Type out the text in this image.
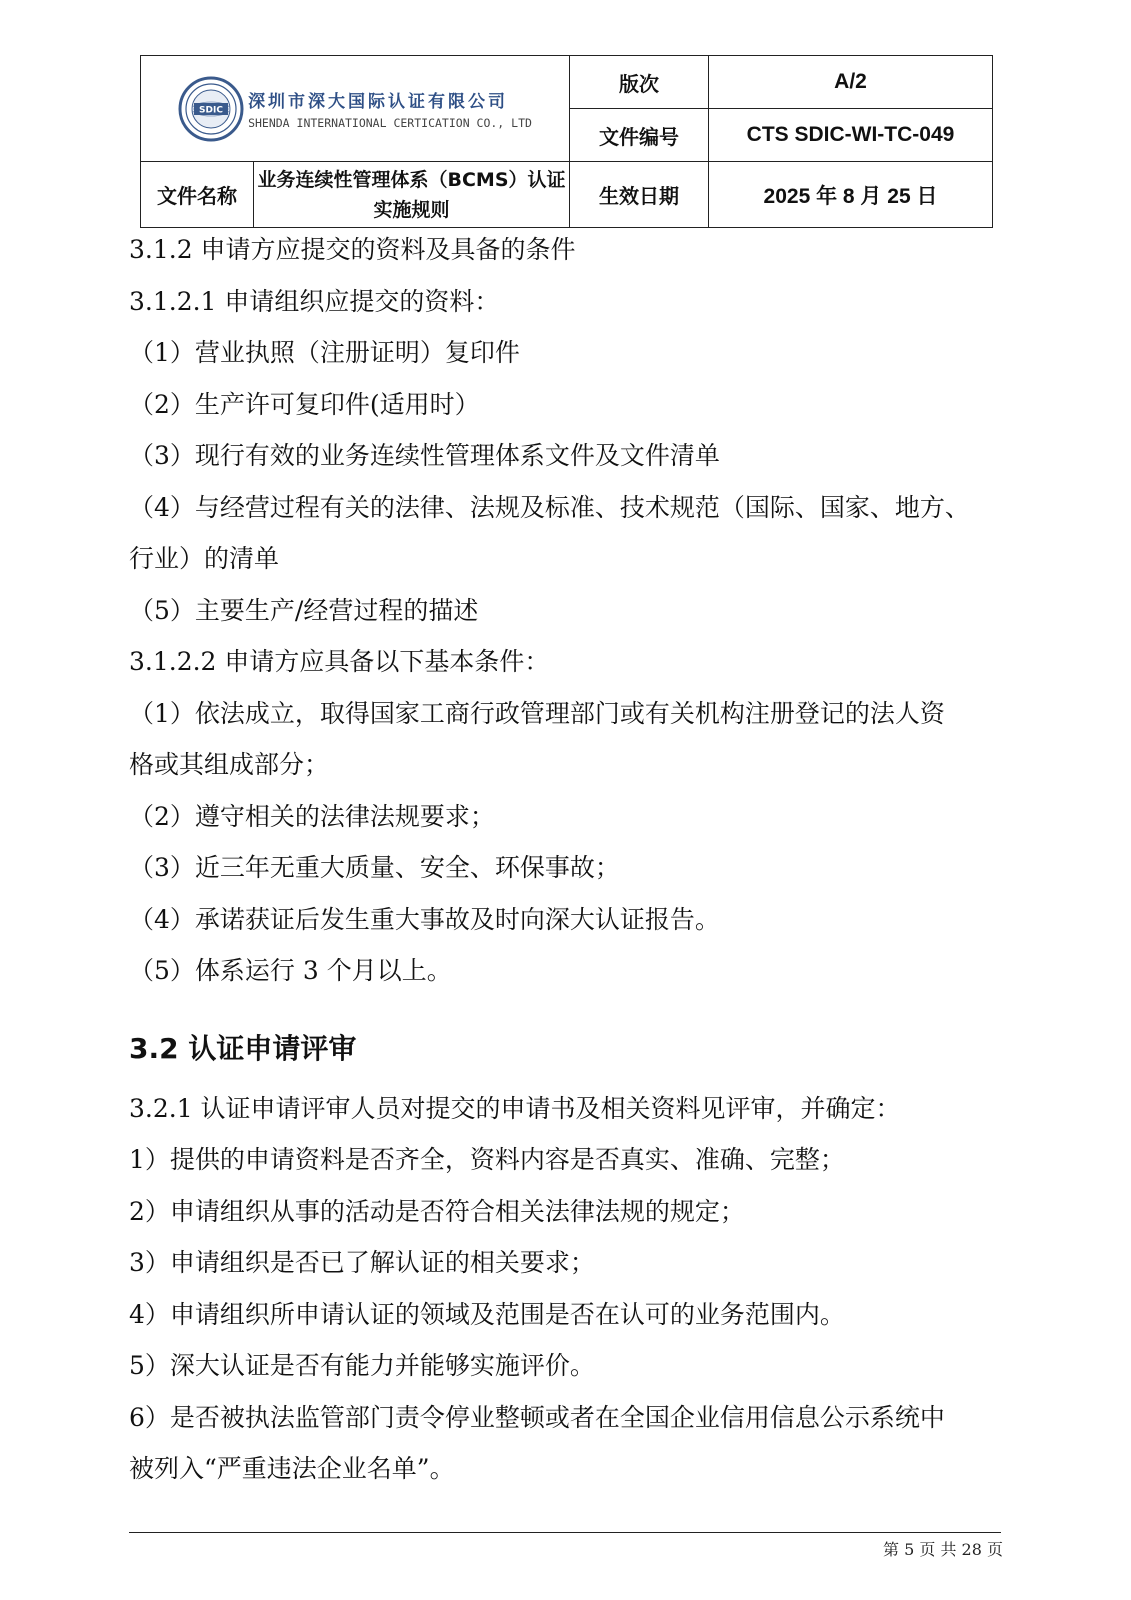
SDIC 深圳市深大国际认证有限公司
SHENDA INTERNATIONAL CERTICATION CO., LTD		版次	A/2
		文件编号	CTS SDIC-WI-TC-049
文件名称	业务连续性管理体系（BCMS）认证实施规则	生效日期	2025 年 8 月 25 日
3.1.2 申请方应提交的资料及具备的条件
3.1.2.1 申请组织应提交的资料：
（1）营业执照（注册证明）复印件
（2）生产许可复印件(适用时）
（3）现行有效的业务连续性管理体系文件及文件清单
（4）与经营过程有关的法律、法规及标准、技术规范（国际、国家、地方、
行业）的清单
（5）主要生产/经营过程的描述
3.1.2.2 申请方应具备以下基本条件：
（1）依法成立，取得国家工商行政管理部门或有关机构注册登记的法人资
格或其组成部分；
（2）遵守相关的法律法规要求；
（3）近三年无重大质量、安全、环保事故；
（4）承诺获证后发生重大事故及时向深大认证报告。
（5）体系运行 3 个月以上。
3.2 认证申请评审
3.2.1 认证申请评审人员对提交的申请书及相关资料见评审，并确定：
1）提供的申请资料是否齐全，资料内容是否真实、准确、完整；
2）申请组织从事的活动是否符合相关法律法规的规定；
3）申请组织是否已了解认证的相关要求；
4）申请组织所申请认证的领域及范围是否在认可的业务范围内。
5）深大认证是否有能力并能够实施评价。
6）是否被执法监管部门责令停业整顿或者在全国企业信用信息公示系统中
被列入“严重违法企业名单”。
第 5 页 共 28 页
